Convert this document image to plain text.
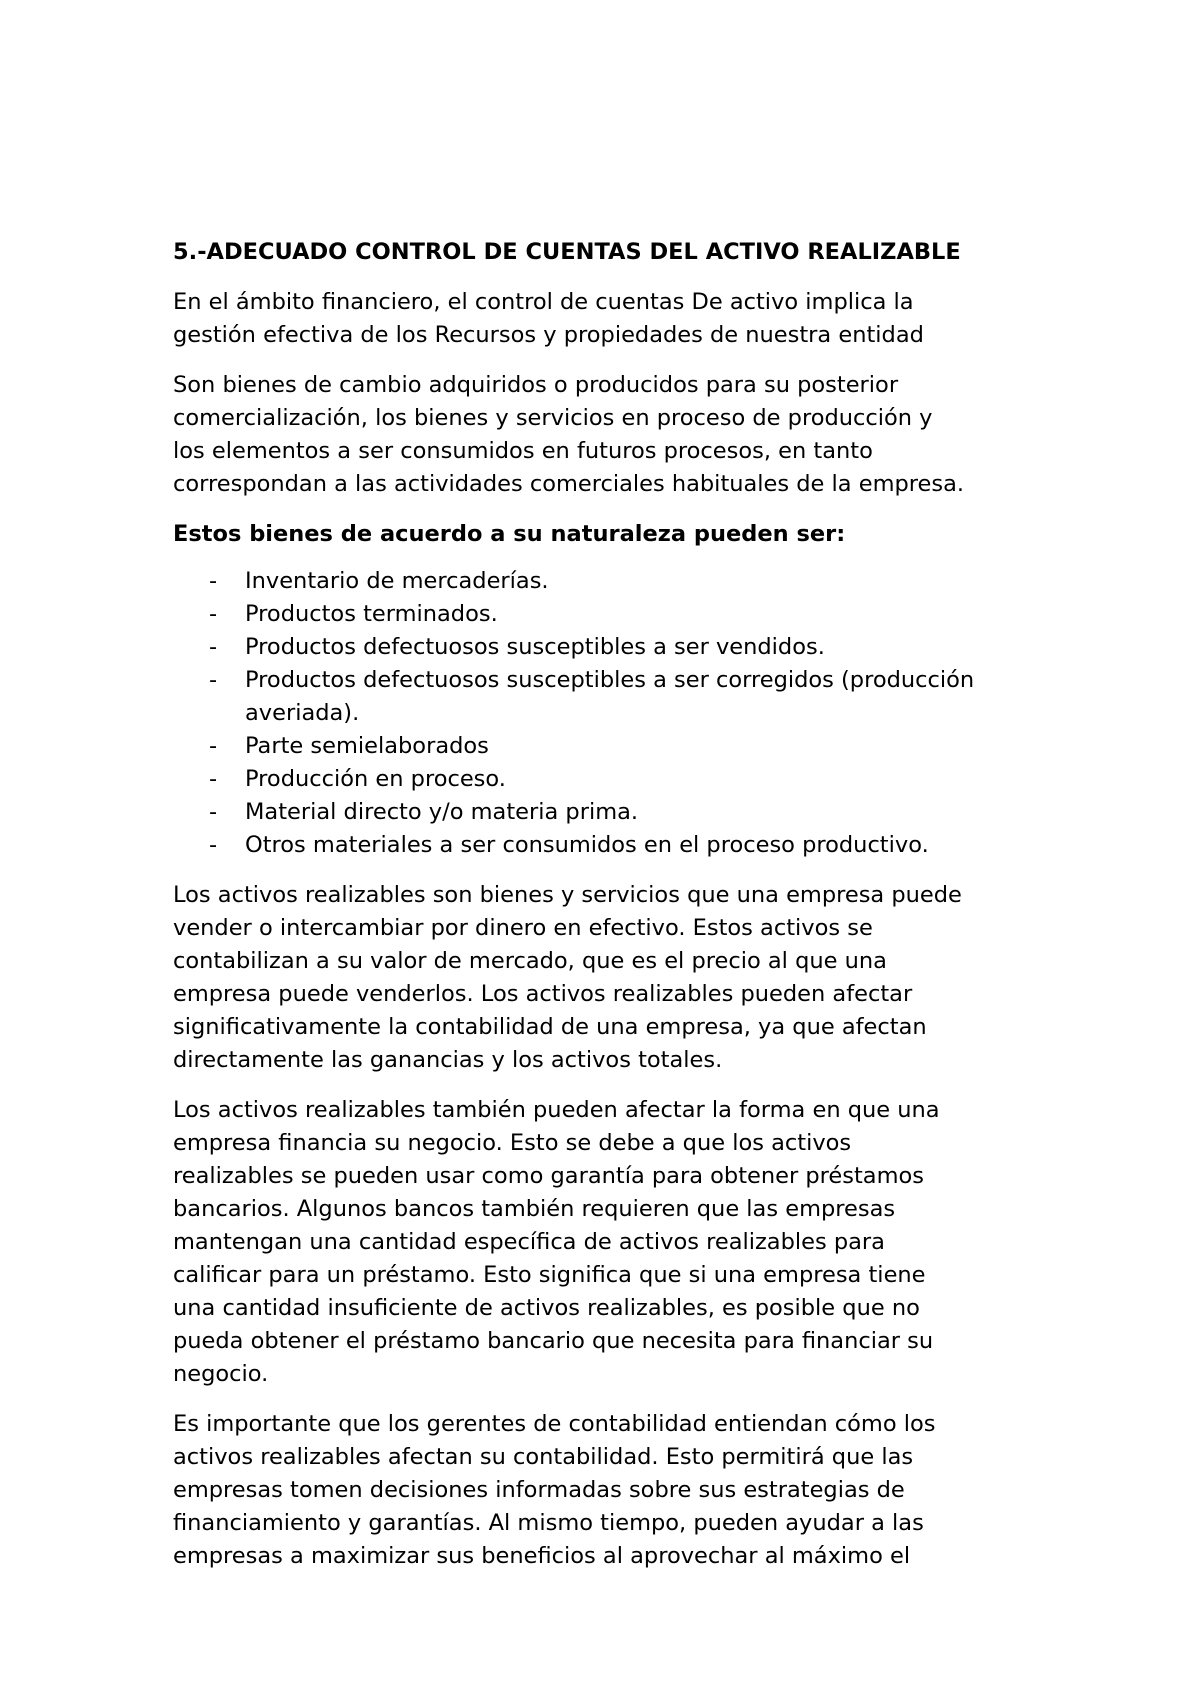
5.-ADECUADO CONTROL DE CUENTAS DEL ACTIVO REALIZABLE

En el ámbito financiero, el control de cuentas De activo implica la
gestión efectiva de los Recursos y propiedades de nuestra entidad

Son bienes de cambio adquiridos o producidos para su posterior
comercialización, los bienes y servicios en proceso de producción y
los elementos a ser consumidos en futuros procesos, en tanto
correspondan a las actividades comerciales habituales de la empresa.

Estos bienes de acuerdo a su naturaleza pueden ser:
- Inventario de mercaderías.
- Productos terminados.
- Productos defectuosos susceptibles a ser vendidos.
- Productos defectuosos susceptibles a ser corregidos (producción
averiada).
- Parte semielaborados
- Producción en proceso.
- Material directo y/o materia prima.
- Otros materiales a ser consumidos en el proceso productivo.

Los activos realizables son bienes y servicios que una empresa puede
vender o intercambiar por dinero en efectivo. Estos activos se
contabilizan a su valor de mercado, que es el precio al que una
empresa puede venderlos. Los activos realizables pueden afectar
significativamente la contabilidad de una empresa, ya que afectan
directamente las ganancias y los activos totales.

Los activos realizables también pueden afectar la forma en que una
empresa financia su negocio. Esto se debe a que los activos
realizables se pueden usar como garantía para obtener préstamos
bancarios. Algunos bancos también requieren que las empresas
mantengan una cantidad específica de activos realizables para
calificar para un préstamo. Esto significa que si una empresa tiene
una cantidad insuficiente de activos realizables, es posible que no
pueda obtener el préstamo bancario que necesita para financiar su
negocio.

Es importante que los gerentes de contabilidad entiendan cómo los
activos realizables afectan su contabilidad. Esto permitirá que las
empresas tomen decisiones informadas sobre sus estrategias de
financiamiento y garantías. Al mismo tiempo, pueden ayudar a las
empresas a maximizar sus beneficios al aprovechar al máximo el
